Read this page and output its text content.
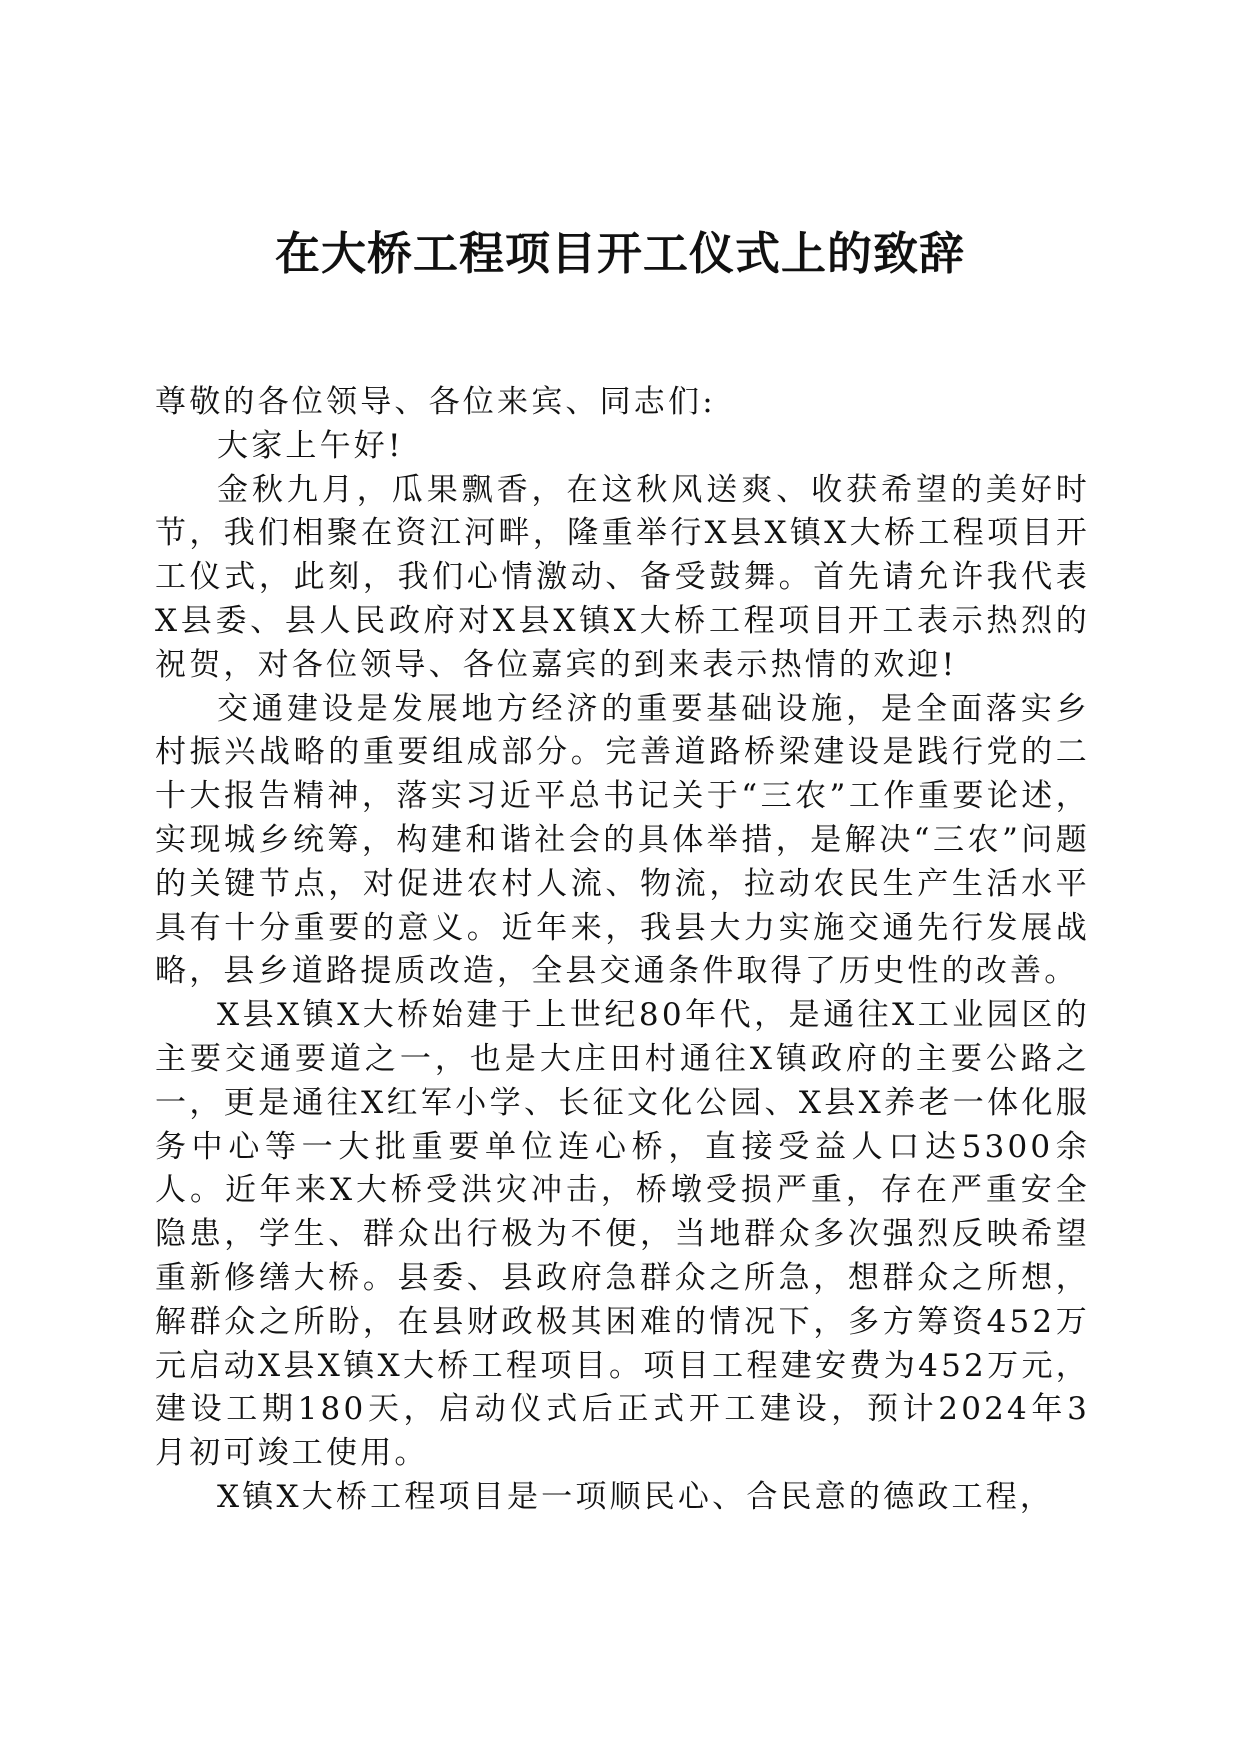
在大桥工程项目开工仪式上的致辞

尊敬的各位领导、各位来宾、同志们:

大家上午好!

金秋九月，瓜果飘香，在这秋风送爽、收获希望的美好时节，我们相聚在资江河畔，隆重举行X县X镇X大桥工程项目开工仪式，此刻，我们心情激动、备受鼓舞。首先请允许我代表X县委、县人民政府对X县X镇X大桥工程项目开工表示热烈的祝贺，对各位领导、各位嘉宾的到来表示热情的欢迎!

交通建设是发展地方经济的重要基础设施，是全面落实乡村振兴战略的重要组成部分。完善道路桥梁建设是践行党的二十大报告精神，落实习近平总书记关于“三农”工作重要论述，实现城乡统筹，构建和谐社会的具体举措，是解决“三农”问题的关键节点，对促进农村人流、物流，拉动农民生产生活水平具有十分重要的意义。近年来，我县大力实施交通先行发展战略，县乡道路提质改造，全县交通条件取得了历史性的改善。

X县X镇X大桥始建于上世纪80年代，是通往X工业园区的主要交通要道之一，也是大庄田村通往X镇政府的主要公路之一，更是通往X红军小学、长征文化公园、X县X养老一体化服务中心等一大批重要单位连心桥，直接受益人口达5300余人。近年来X大桥受洪灾冲击，桥墩受损严重，存在严重安全隐患，学生、群众出行极为不便，当地群众多次强烈反映希望重新修缮大桥。县委、县政府急群众之所急，想群众之所想，解群众之所盼，在县财政极其困难的情况下，多方筹资452万元启动X县X镇X大桥工程项目。项目工程建安费为452万元，建设工期180天，启动仪式后正式开工建设，预计2024年3月初可竣工使用。

X镇X大桥工程项目是一项顺民心、合民意的德政工程，
